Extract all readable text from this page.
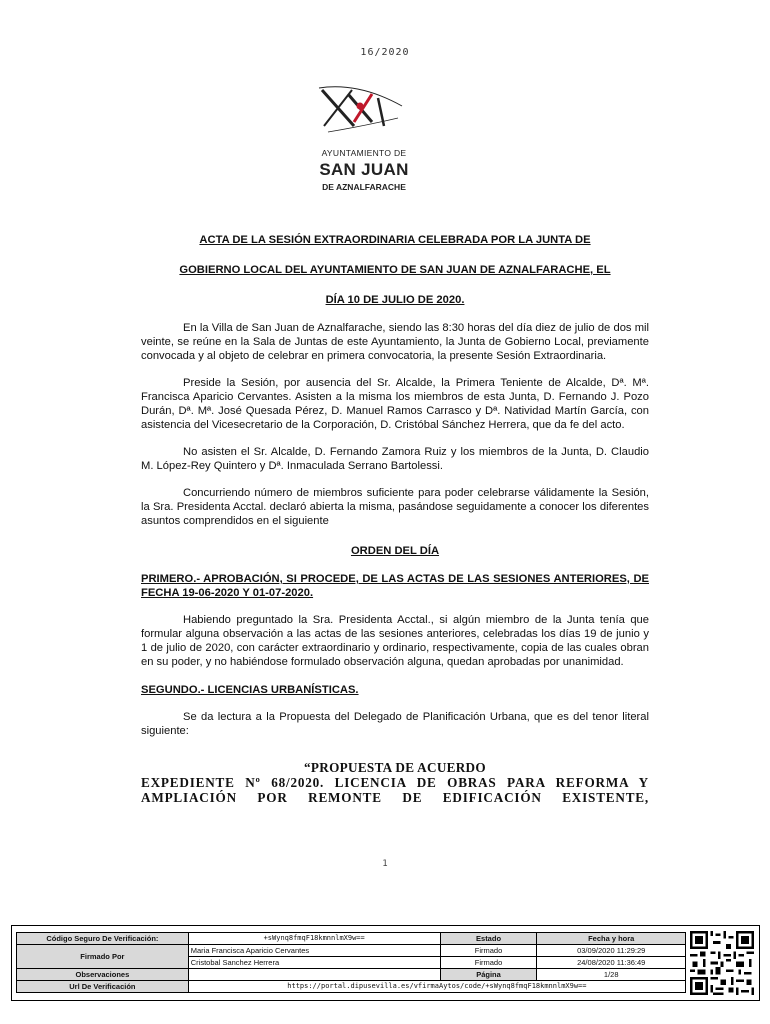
16/2020
AYUNTAMIENTO DE
SAN JUAN
DE AZNALFARACHE

ACTA DE LA SESIÓN EXTRAORDINARIA CELEBRADA POR LA JUNTA DE

GOBIERNO LOCAL DEL AYUNTAMIENTO DE SAN JUAN DE AZNALFARACHE, EL

DÍA 10 DE JULIO DE 2020.

En la Villa de San Juan de Aznalfarache, siendo las 8:30 horas del día diez de julio de dos mil veinte, se reúne en la Sala de Juntas de este Ayuntamiento, la Junta de Gobierno Local, previamente convocada y al objeto de celebrar en primera convocatoria, la presente Sesión Extraordinaria.

Preside la Sesión, por ausencia del Sr. Alcalde, la Primera Teniente de Alcalde, Dª. Mª. Francisca Aparicio Cervantes. Asisten a la misma los miembros de esta Junta, D. Fernando J. Pozo Durán, Dª. Mª. José Quesada Pérez, D. Manuel Ramos Carrasco y Dª. Natividad Martín García, con asistencia del Vicesecretario de la Corporación, D. Cristóbal Sánchez Herrera, que da fe del acto.

No asisten el Sr. Alcalde, D. Fernando Zamora Ruiz y los miembros de la Junta, D. Claudio M. López-Rey Quintero y Dª. Inmaculada Serrano Bartolessi.

Concurriendo número de miembros suficiente para poder celebrarse válidamente la Sesión, la Sra. Presidenta Acctal. declaró abierta la misma, pasándose seguidamente a conocer los diferentes asuntos comprendidos en el siguiente

ORDEN DEL DÍA

PRIMERO.- APROBACIÓN, SI PROCEDE, DE LAS ACTAS DE LAS SESIONES ANTERIORES, DE FECHA 19-06-2020 Y 01-07-2020.

Habiendo preguntado la Sra. Presidenta Acctal., si algún miembro de la Junta tenía que formular alguna observación a las actas de las sesiones anteriores, celebradas los días 19 de junio y 1 de julio de 2020, con carácter extraordinario y ordinario, respectivamente, copia de las cuales obran en su poder, y no habiéndose formulado observación alguna, quedan aprobadas por unanimidad.

SEGUNDO.- LICENCIAS URBANÍSTICAS.

Se da lectura a la Propuesta del Delegado de Planificación Urbana, que es del tenor literal siguiente:

“PROPUESTA DE ACUERDO

EXPEDIENTE Nº 68/2020. LICENCIA DE OBRAS PARA REFORMA Y

AMPLIACIÓN POR REMONTE DE EDIFICACIÓN EXISTENTE,

1
Código Seguro De Verificación:	+sWynq8fmqF18kmnnlmX9w==	Estado	Fecha y hora
Firmado Por	Maria Francisca Aparicio Cervantes	Firmado	03/09/2020 11:29:29
	Cristobal Sanchez Herrera	Firmado	24/08/2020 11:36:49
Observaciones		Página	1/28
Url De Verificación	https://portal.dipusevilla.es/vfirmaAytos/code/+sWynq8fmqF18kmnnlmX9w==		
